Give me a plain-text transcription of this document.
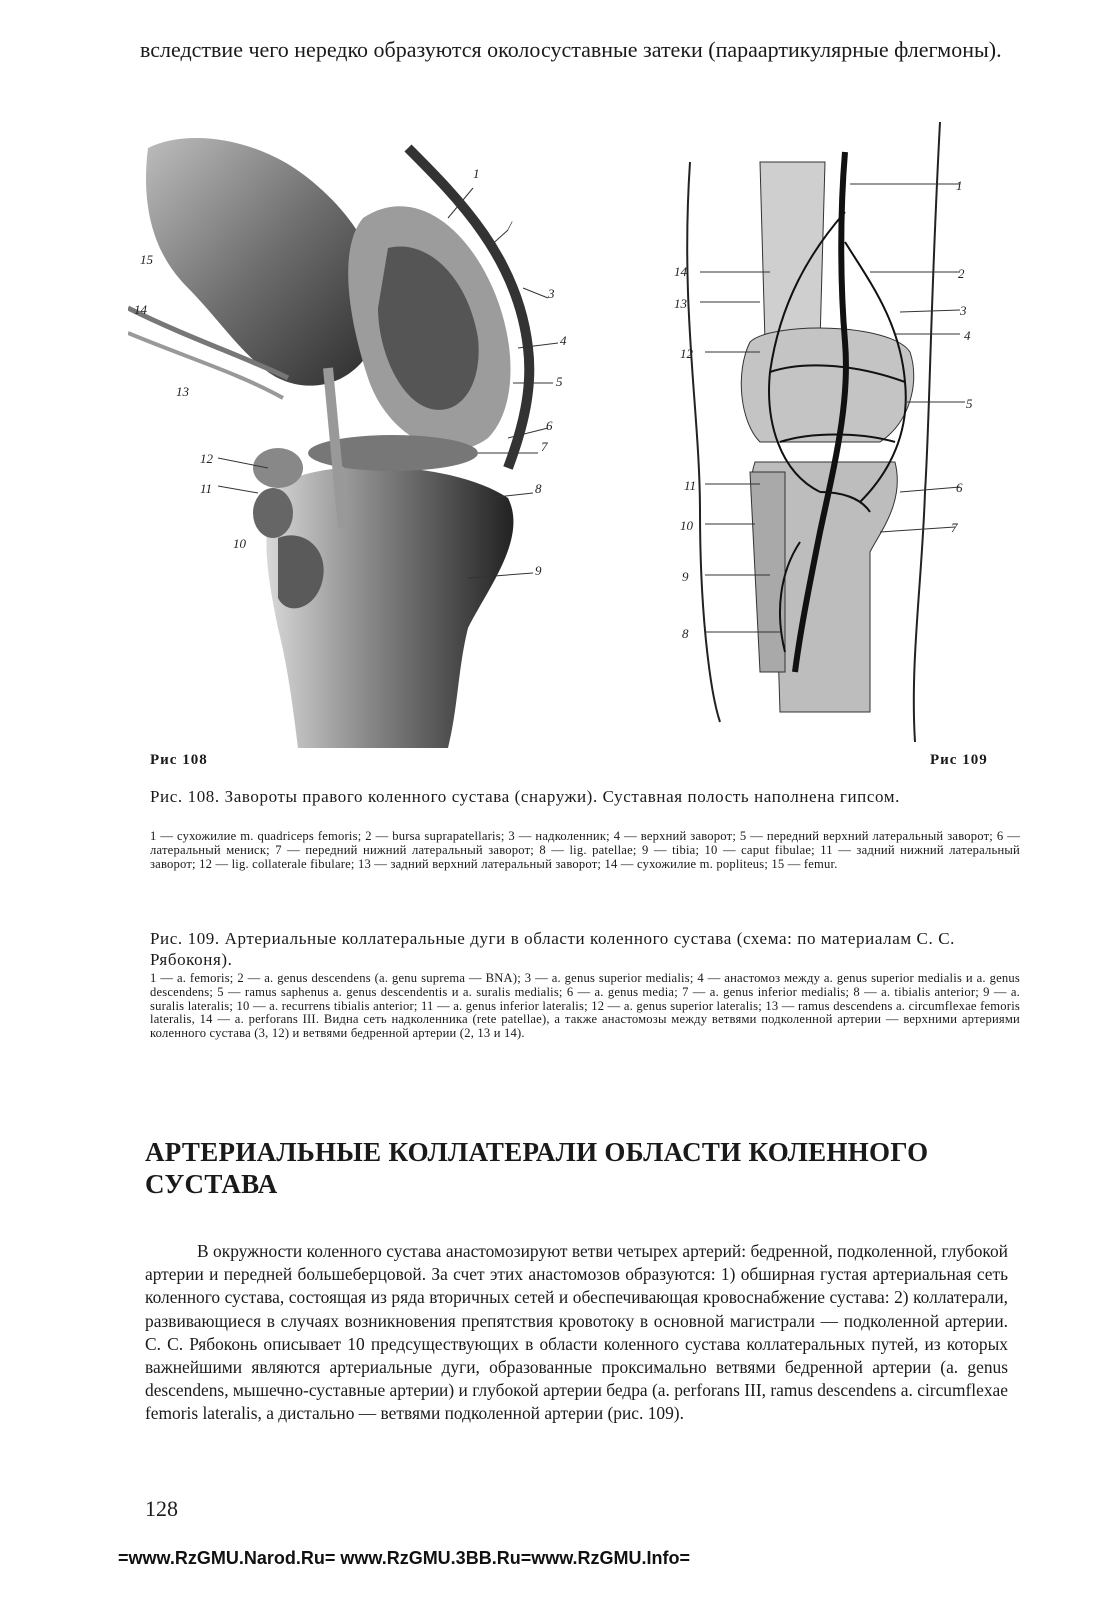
вследствие чего нередко образуются околосуставные затеки (параартикулярные флегмоны).
1
/
3
4
5
6
7
8
9
10
11
12
13
14
15
1
2
3
4
5
6
7
8
9
10
11
12
13
14
Рис 108	Рис 109
Рис. 108. Завороты правого коленного сустава (снаружи). Суставная полость наполнена гипсом.
1 — сухожилие m. quadriceps femoris; 2 — bursa suprapatellaris; 3 — надколенник; 4 — верхний заворот; 5 — передний верхний латеральный заворот; 6 — латеральный мениск; 7 — передний нижний латеральный заворот; 8 — lig. patellae; 9 — tibia; 10 — caput fibulae; 11 — задний нижний латеральный заворот; 12 — lig. collaterale fibulare; 13 — задний верхний латеральный заворот; 14 — сухожилие m. popliteus; 15 — femur.
Рис. 109. Артериальные коллатеральные дуги в области коленного сустава (схема: по материалам С. С. Рябоконя).
1 — a. femoris; 2 — a. genus descendens (a. genu suprema — BNA); 3 — a. genus superior medialis; 4 — анастомоз между a. genus superior medialis и a. genus descendens; 5 — ramus saphenus a. genus descendentis и a. suralis medialis; 6 — a. genus media; 7 — a. genus inferior medialis; 8 — a. tibialis anterior; 9 — a. suralis lateralis; 10 — a. recurrens tibialis anterior; 11 — a. genus inferior lateralis; 12 — a. genus superior lateralis; 13 — ramus descendens a. circumflexae femoris lateralis, 14 — a. perforans III. Видна сеть надколенника (rete patellae), а также анастомозы между ветвями подколенной артерии — верхними артериями коленного сустава (3, 12) и ветвями бедренной артерии (2, 13 и 14).
АРТЕРИАЛЬНЫЕ КОЛЛАТЕРАЛИ ОБЛАСТИ КОЛЕННОГО СУСТАВА

В окружности коленного сустава анастомозируют ветви четырех артерий: бедренной, подколенной, глубокой артерии и передней большеберцовой. За счет этих анастомозов образуются: 1) обширная густая артериальная сеть коленного сустава, состоящая из ряда вторичных сетей и обеспечивающая кровоснабжение сустава: 2) коллатерали, развивающиеся в случаях возникновения препятствия кровотоку в основной магистрали — подколенной артерии. С. С. Рябоконь описывает 10 предсуществующих в области коленного сустава коллатеральных путей, из которых важнейшими являются артериальные дуги, образованные проксимально ветвями бедренной артерии (a. genus descendens, мышечно-суставные артерии) и глубокой артерии бедра (a. perforans III, ramus descendens a. circumflexae femoris lateralis, а дистально — ветвями подколенной артерии (рис. 109).

128
=www.RzGMU.Narod.Ru= www.RzGMU.3BB.Ru=www.RzGMU.Info=
